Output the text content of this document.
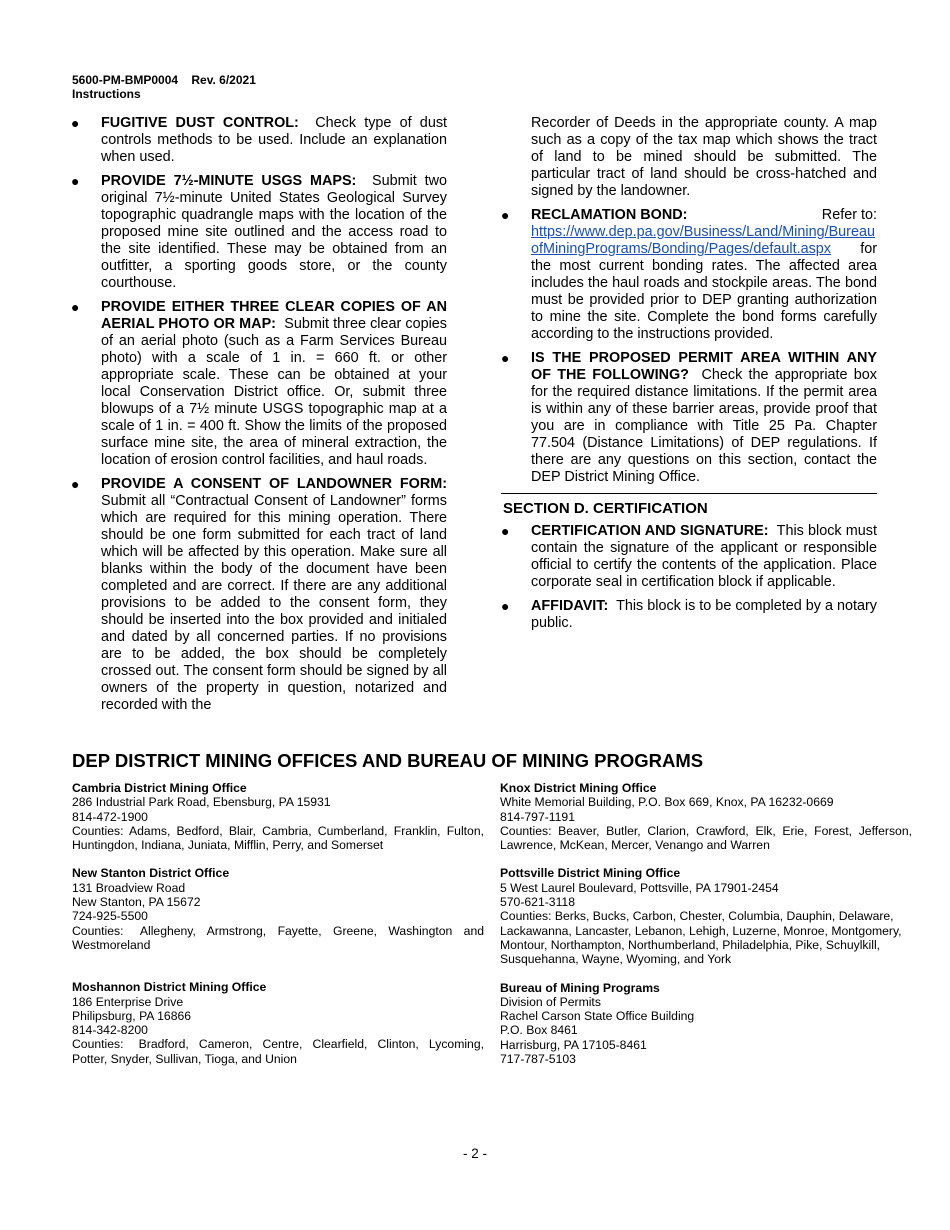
5600-PM-BMP0004    Rev. 6/2021
Instructions
● FUGITIVE DUST CONTROL: Check type of dust controls methods to be used. Include an explanation when used.
● PROVIDE 7½-MINUTE USGS MAPS: Submit two original 7½-minute United States Geological Survey topographic quadrangle maps with the location of the proposed mine site outlined and the access road to the site identified. These may be obtained from an outfitter, a sporting goods store, or the county courthouse.
● PROVIDE EITHER THREE CLEAR COPIES OF AN AERIAL PHOTO OR MAP: Submit three clear copies of an aerial photo (such as a Farm Services Bureau photo) with a scale of 1 in. = 660 ft. or other appropriate scale. These can be obtained at your local Conservation District office. Or, submit three blowups of a 7½ minute USGS topographic map at a scale of 1 in. = 400 ft. Show the limits of the proposed surface mine site, the area of mineral extraction, the location of erosion control facilities, and haul roads.
● PROVIDE A CONSENT OF LANDOWNER FORM: Submit all “Contractual Consent of Landowner” forms which are required for this mining operation. There should be one form submitted for each tract of land which will be affected by this operation. Make sure all blanks within the body of the document have been completed and are correct. If there are any additional provisions to be added to the consent form, they should be inserted into the box provided and initialed and dated by all concerned parties. If no provisions are to be added, the box should be completely crossed out. The consent form should be signed by all owners of the property in question, notarized and recorded with the
Recorder of Deeds in the appropriate county. A map such as a copy of the tax map which shows the tract of land to be mined should be submitted. The particular tract of land should be cross-hatched and signed by the landowner.
● RECLAMATION BOND:	Refer to:
https://www.dep.pa.gov/Business/Land/Mining/BureauofMiningPrograms/Bonding/Pages/default.aspx for the most current bonding rates. The affected area includes the haul roads and stockpile areas. The bond must be provided prior to DEP granting authorization to mine the site. Complete the bond forms carefully according to the instructions provided.
● IS THE PROPOSED PERMIT AREA WITHIN ANY OF THE FOLLOWING? Check the appropriate box for the required distance limitations. If the permit area is within any of these barrier areas, provide proof that you are in compliance with Title 25 Pa. Chapter 77.504 (Distance Limitations) of DEP regulations. If there are any questions on this section, contact the DEP District Mining Office.
SECTION D. CERTIFICATION
● CERTIFICATION AND SIGNATURE: This block must contain the signature of the applicant or responsible official to certify the contents of the application. Place corporate seal in certification block if applicable.
● AFFIDAVIT: This block is to be completed by a notary public.
DEP DISTRICT MINING OFFICES AND BUREAU OF MINING PROGRAMS
Cambria District Mining Office
286 Industrial Park Road, Ebensburg, PA 15931
814-472-1900
Counties: Adams, Bedford, Blair, Cambria, Cumberland, Franklin, Fulton, Huntingdon, Indiana, Juniata, Mifflin, Perry, and Somerset
New Stanton District Office
131 Broadview Road
New Stanton, PA 15672
724-925-5500
Counties:   Allegheny,  Armstrong,  Fayette,  Greene,  Washington  and Westmoreland
Moshannon District Mining Office
186 Enterprise Drive
Philipsburg, PA 16866
814-342-8200
Counties:   Bradford,  Cameron,  Centre,  Clearfield,  Clinton,  Lycoming, Potter, Snyder, Sullivan, Tioga, and Union
Knox District Mining Office
White Memorial Building, P.O. Box 669, Knox, PA 16232-0669
814-797-1191
Counties: Beaver, Butler, Clarion, Crawford, Elk, Erie, Forest, Jefferson, Lawrence, McKean, Mercer, Venango and Warren
Pottsville District Mining Office
5 West Laurel Boulevard, Pottsville, PA 17901-2454
570-621-3118
Counties: Berks, Bucks, Carbon, Chester, Columbia, Dauphin, Delaware, Lackawanna, Lancaster, Lebanon, Lehigh, Luzerne, Monroe, Montgomery, Montour, Northampton, Northumberland, Philadelphia, Pike, Schuylkill, Susquehanna, Wayne, Wyoming, and York
Bureau of Mining Programs
Division of Permits
Rachel Carson State Office Building
P.O. Box 8461
Harrisburg, PA 17105-8461
717-787-5103
- 2 -
